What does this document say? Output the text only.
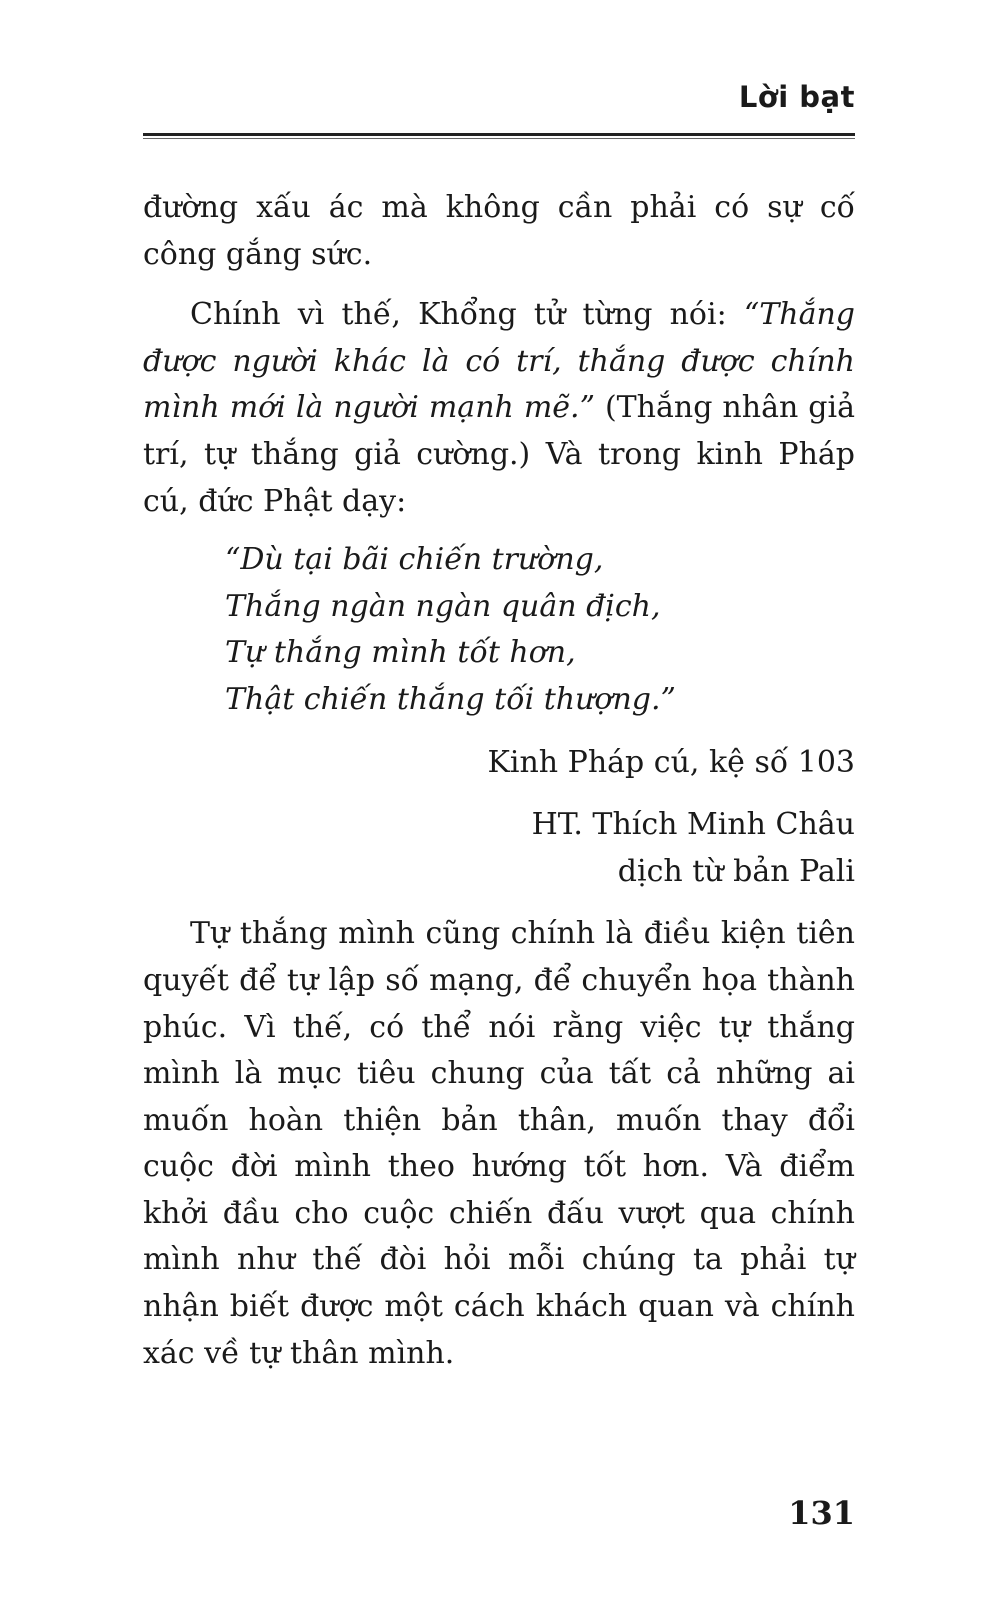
Lời bạt

đường xấu ác mà không cần phải có sự cố công gắng sức.

Chính vì thế, Khổng tử từng nói: “Thắng được người khác là có trí, thắng được chính mình mới là người mạnh mẽ.” (Thắng nhân giả trí, tự thắng giả cường.) Và trong kinh Pháp cú, đức Phật dạy:

“Dù tại bãi chiến trường,
Thắng ngàn ngàn quân địch,
Tự thắng mình tốt hơn,
Thật chiến thắng tối thượng.”
Kinh Pháp cú, kệ số 103
HT. Thích Minh Châu
dịch từ bản Pali

Tự thắng mình cũng chính là điều kiện tiên quyết để tự lập số mạng, để chuyển họa thành phúc. Vì thế, có thể nói rằng việc tự thắng mình là mục tiêu chung của tất cả những ai muốn hoàn thiện bản thân, muốn thay đổi cuộc đời mình theo hướng tốt hơn. Và điểm khởi đầu cho cuộc chiến đấu vượt qua chính mình như thế đòi hỏi mỗi chúng ta phải tự nhận biết được một cách khách quan và chính xác về tự thân mình.

131
